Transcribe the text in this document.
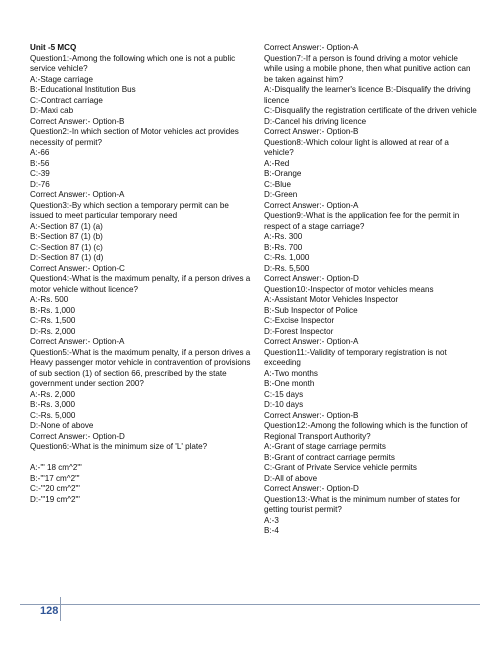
Unit -5 MCQ
Question1:-Among the following which one is not a public service vehicle?
A:-Stage carriage
B:-Educational Institution Bus
C:-Contract carriage
D:-Maxi cab
Correct Answer:- Option-B
Question2:-In which section of Motor vehicles act provides necessity of permit?
A:-66
B:-56
C:-39
D:-76
Correct Answer:- Option-A
Question3:-By which section a temporary permit can be issued to meet particular temporary need
A:-Section 87 (1) (a)
B:-Section 87 (1) (b)
C:-Section 87 (1) (c)
D:-Section 87 (1) (d)
Correct Answer:- Option-C
Question4:-What is the maximum penalty, if a person drives a motor vehicle without licence?
A:-Rs. 500
B:-Rs. 1,000
C:-Rs. 1,500
D:-Rs. 2,000
Correct Answer:- Option-A
Question5:-What is the maximum penalty, if a person drives a Heavy passenger motor vehicle in contravention of provisions of sub section (1) of section 66, prescribed by the state government under section 200?
A:-Rs. 2,000
B:-Rs. 3,000
C:-Rs. 5,000
D:-None of above
Correct Answer:- Option-D
Question6:-What is the minimum size of 'L' plate?
A:-'" 18 cm^2"'
B:-'"17 cm^2"'
C:-'"20 cm^2"'
D:-'"19 cm^2"'
Correct Answer:- Option-A
Question7:-If a person is found driving a motor vehicle while using a mobile phone, then what punitive action can be taken against him?
A:-Disqualify the learner's licence B:-Disqualify the driving licence
C:-Disqualify the registration certificate of the driven vehicle
D:-Cancel his driving licence
Correct Answer:- Option-B
Question8:-Which colour light is allowed at rear of a vehicle?
A:-Red
B:-Orange
C:-Blue
D:-Green
Correct Answer:- Option-A
Question9:-What is the application fee for the permit in respect of a stage carriage?
A:-Rs. 300
B:-Rs. 700
C:-Rs. 1,000
D:-Rs. 5,500
Correct Answer:- Option-D
Question10:-Inspector of motor vehicles means
A:-Assistant Motor Vehicles Inspector
B:-Sub Inspector of Police
C:-Excise Inspector
D:-Forest Inspector
Correct Answer:- Option-A
Question11:-Validity of temporary registration is not exceeding
A:-Two months
B:-One month
C:-15 days
D:-10 days
Correct Answer:- Option-B
Question12:-Among the following which is the function of Regional Transport Authority?
A:-Grant of stage carriage permits
B:-Grant of contract carriage permits
C:-Grant of Private Service vehicle permits
D:-All of above
Correct Answer:- Option-D
Question13:-What is the minimum number of states for getting tourist permit?
A:-3
B:-4
128
